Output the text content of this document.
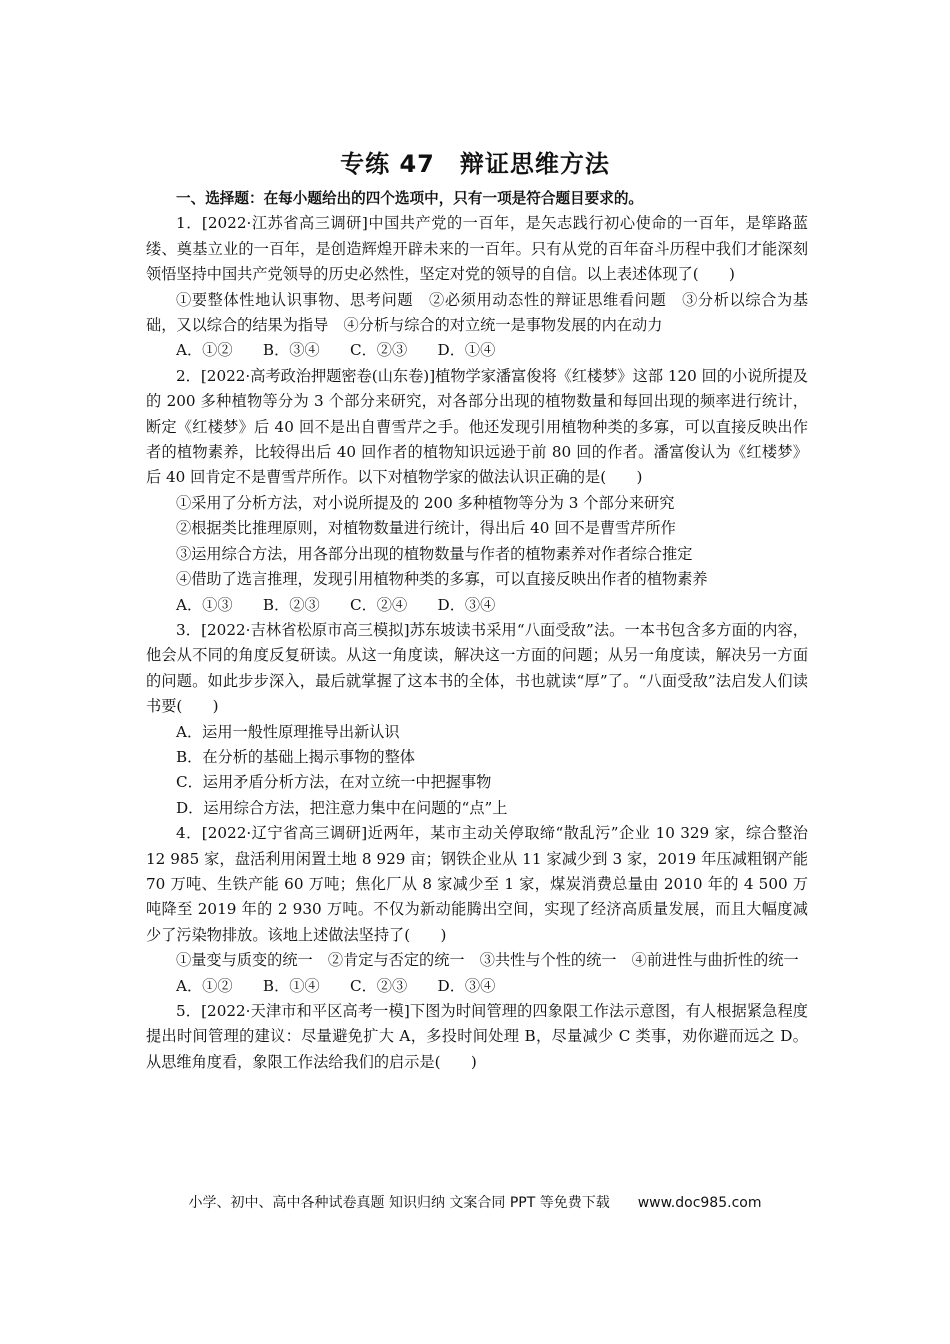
专练 47　辩证思维方法

一、选择题：在每小题给出的四个选项中，只有一项是符合题目要求的。

1．[2022·江苏省高三调研]中国共产党的一百年，是矢志践行初心使命的一百年，是筚路蓝缕、奠基立业的一百年，是创造辉煌开辟未来的一百年。只有从党的百年奋斗历程中我们才能深刻领悟坚持中国共产党领导的历史必然性，坚定对党的领导的自信。以上表述体现了(　　)

①要整体性地认识事物、思考问题　②必须用动态性的辩证思维看问题　③分析以综合为基础，又以综合的结果为指导　④分析与综合的对立统一是事物发展的内在动力

A．①②　　B．③④　　C．②③　　D．①④

2．[2022·高考政治押题密卷(山东卷)]植物学家潘富俊将《红楼梦》这部 120 回的小说所提及的 200 多种植物等分为 3 个部分来研究，对各部分出现的植物数量和每回出现的频率进行统计，断定《红楼梦》后 40 回不是出自曹雪芹之手。他还发现引用植物种类的多寡，可以直接反映出作者的植物素养，比较得出后 40 回作者的植物知识远逊于前 80 回的作者。潘富俊认为《红楼梦》后 40 回肯定不是曹雪芹所作。以下对植物学家的做法认识正确的是(　　)

①采用了分析方法，对小说所提及的 200 多种植物等分为 3 个部分来研究

②根据类比推理原则，对植物数量进行统计，得出后 40 回不是曹雪芹所作

③运用综合方法，用各部分出现的植物数量与作者的植物素养对作者综合推定

④借助了选言推理，发现引用植物种类的多寡，可以直接反映出作者的植物素养

A．①③　　B．②③　　C．②④　　D．③④

3．[2022·吉林省松原市高三模拟]苏东坡读书采用“八面受敌”法。一本书包含多方面的内容，他会从不同的角度反复研读。从这一角度读，解决这一方面的问题；从另一角度读，解决另一方面的问题。如此步步深入，最后就掌握了这本书的全体，书也就读“厚”了。“八面受敌”法启发人们读书要(　　)

A．运用一般性原理推导出新认识

B．在分析的基础上揭示事物的整体

C．运用矛盾分析方法，在对立统一中把握事物

D．运用综合方法，把注意力集中在问题的“点”上

4．[2022·辽宁省高三调研]近两年，某市主动关停取缔“散乱污”企业 10 329 家，综合整治 12 985 家，盘活利用闲置土地 8 929 亩；钢铁企业从 11 家减少到 3 家，2019 年压减粗钢产能 70 万吨、生铁产能 60 万吨；焦化厂从 8 家减少至 1 家，煤炭消费总量由 2010 年的 4 500 万吨降至 2019 年的 2 930 万吨。不仅为新动能腾出空间，实现了经济高质量发展，而且大幅度减少了污染物排放。该地上述做法坚持了(　　)

①量变与质变的统一　②肯定与否定的统一　③共性与个性的统一　④前进性与曲折性的统一

A．①②　　B．①④　　C．②③　　D．③④

5．[2022·天津市和平区高考一模]下图为时间管理的四象限工作法示意图，有人根据紧急程度提出时间管理的建议：尽量避免扩大 A，多投时间处理 B，尽量减少 C 类事，劝你避而远之 D。从思维角度看，象限工作法给我们的启示是(　　)

小学、初中、高中各种试卷真题 知识归纳 文案合同 PPT 等免费下载　　www.doc985.com
